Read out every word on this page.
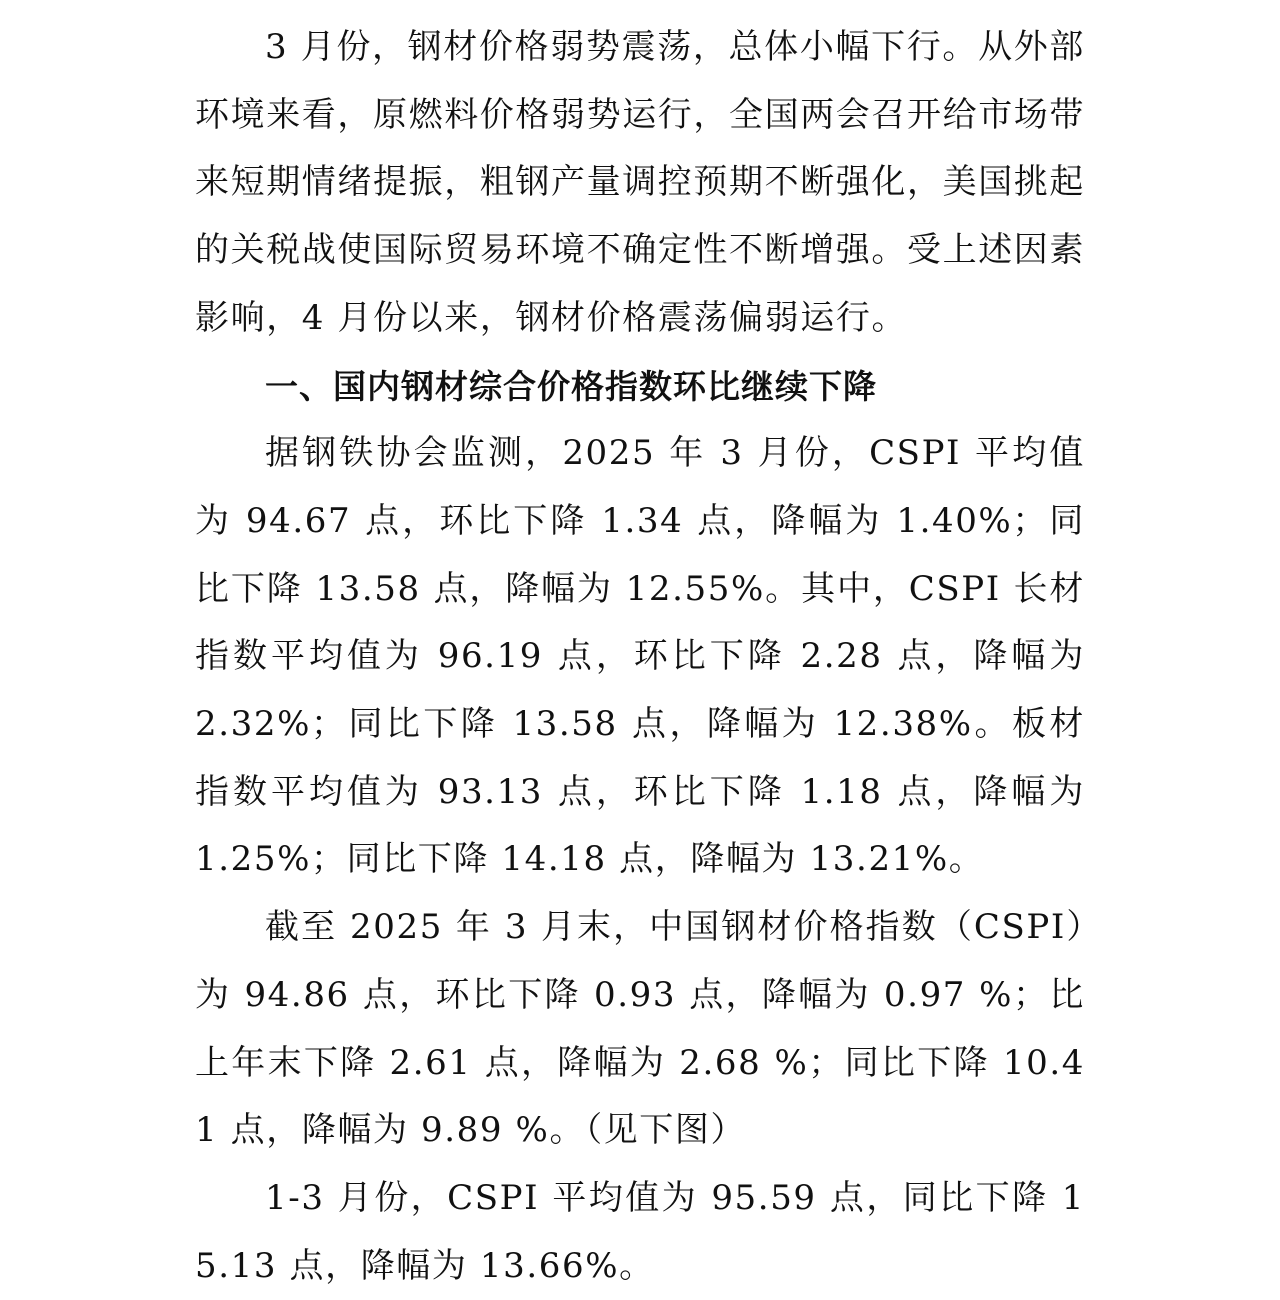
3 月份，钢材价格弱势震荡，总体小幅下行。从外部环境来看，原燃料价格弱势运行，全国两会召开给市场带来短期情绪提振，粗钢产量调控预期不断强化，美国挑起的关税战使国际贸易环境不确定性不断增强。受上述因素影响，4 月份以来，钢材价格震荡偏弱运行。

一、国内钢材综合价格指数环比继续下降

据钢铁协会监测，2025 年 3 月份，CSPI 平均值为 94.67 点，环比下降 1.34 点，降幅为 1.40%；同比下降 13.58 点，降幅为 12.55%。其中，CSPI 长材指数平均值为 96.19 点，环比下降 2.28 点，降幅为 2.32%；同比下降 13.58 点，降幅为 12.38%。板材指数平均值为 93.13 点，环比下降 1.18 点，降幅为 1.25%；同比下降 14.18 点，降幅为 13.21%。

截至 2025 年 3 月末，中国钢材价格指数（CSPI）为 94.86 点，环比下降 0.93 点，降幅为 0.97 %；比上年末下降 2.61 点，降幅为 2.68 %；同比下降 10.41 点，降幅为 9.89 %。（见下图）

1-3 月份，CSPI 平均值为 95.59 点，同比下降 15.13 点，降幅为 13.66%。
